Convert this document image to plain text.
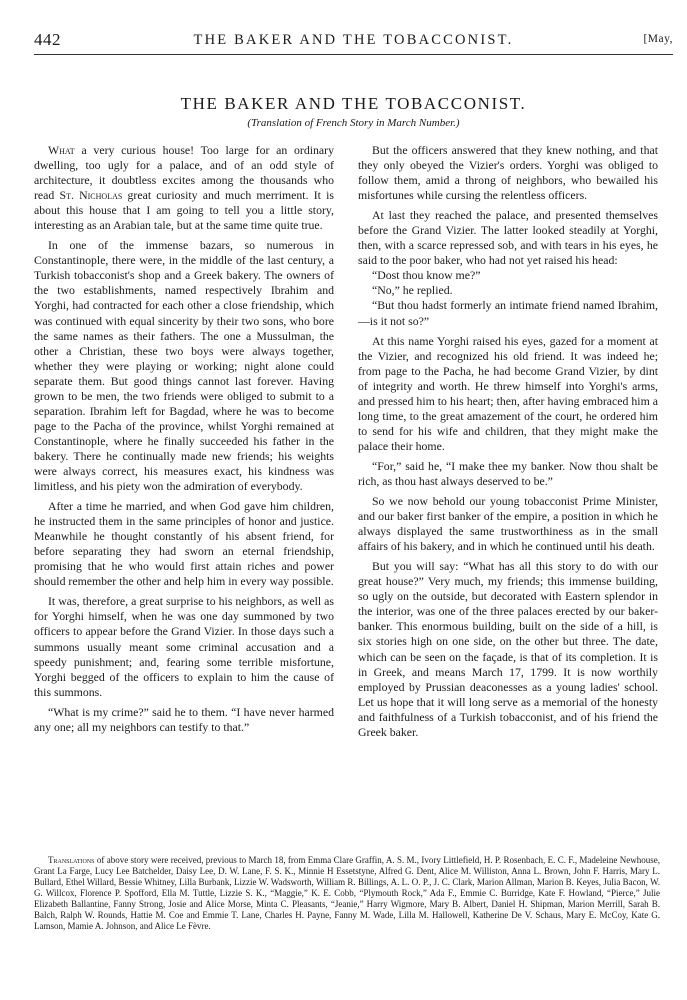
442	THE BAKER AND THE TOBACCONIST.	[May,
THE BAKER AND THE TOBACCONIST.
(Translation of French Story in March Number.)

What a very curious house! Too large for an ordinary dwelling, too ugly for a palace, and of an odd style of architecture, it doubtless excites among the thousands who read St. Nicholas great curiosity and much merriment. It is about this house that I am going to tell you a little story, interesting as an Arabian tale, but at the same time quite true.

In one of the immense bazars, so numerous in Constantinople, there were, in the middle of the last century, a Turkish tobacconist's shop and a Greek bakery. The owners of the two establishments, named respectively Ibrahim and Yorghi, had contracted for each other a close friendship, which was continued with equal sincerity by their two sons, who bore the same names as their fathers. The one a Mussulman, the other a Christian, these two boys were always together, whether they were playing or working; night alone could separate them. But good things cannot last forever. Having grown to be men, the two friends were obliged to submit to a separation. Ibrahim left for Bagdad, where he was to become page to the Pacha of the province, whilst Yorghi remained at Constantinople, where he finally succeeded his father in the bakery. There he continually made new friends; his weights were always correct, his measures exact, his kindness was limitless, and his piety won the admiration of everybody.

After a time he married, and when God gave him children, he instructed them in the same principles of honor and justice. Meanwhile he thought constantly of his absent friend, for before separating they had sworn an eternal friendship, promising that he who would first attain riches and power should remember the other and help him in every way possible.

It was, therefore, a great surprise to his neighbors, as well as for Yorghi himself, when he was one day summoned by two officers to appear before the Grand Vizier. In those days such a summons usually meant some criminal accusation and a speedy punishment; and, fearing some terrible misfortune, Yorghi begged of the officers to explain to him the cause of this summons.

“What is my crime?” said he to them. “I have never harmed any one; all my neighbors can testify to that.”

But the officers answered that they knew nothing, and that they only obeyed the Vizier's orders. Yorghi was obliged to follow them, amid a throng of neighbors, who bewailed his misfortunes while cursing the relentless officers.

At last they reached the palace, and presented themselves before the Grand Vizier. The latter looked steadily at Yorghi, then, with a scarce repressed sob, and with tears in his eyes, he said to the poor baker, who had not yet raised his head:

“Dost thou know me?”

“No,” he replied.

“But thou hadst formerly an intimate friend named Ibrahim,—is it not so?”

At this name Yorghi raised his eyes, gazed for a moment at the Vizier, and recognized his old friend. It was indeed he; from page to the Pacha, he had become Grand Vizier, by dint of integrity and worth. He threw himself into Yorghi's arms, and pressed him to his heart; then, after having embraced him a long time, to the great amazement of the court, he ordered him to send for his wife and children, that they might make the palace their home.

“For,” said he, “I make thee my banker. Now thou shalt be rich, as thou hast always deserved to be.”

So we now behold our young tobacconist Prime Minister, and our baker first banker of the empire, a position in which he always displayed the same trustworthiness as in the small affairs of his bakery, and in which he continued until his death.

But you will say: “What has all this story to do with our great house?” Very much, my friends; this immense building, so ugly on the outside, but decorated with Eastern splendor in the interior, was one of the three palaces erected by our baker-banker. This enormous building, built on the side of a hill, is six stories high on one side, on the other but three. The date, which can be seen on the façade, is that of its completion. It is in Greek, and means March 17, 1799. It is now worthily employed by Prussian deaconesses as a young ladies' school. Let us hope that it will long serve as a memorial of the honesty and faithfulness of a Turkish tobacconist, and of his friend the Greek baker.

Translations of above story were received, previous to March 18, from Emma Clare Graffin, A. S. M., Ivory Littlefield, H. P. Rosenbach, E. C. F., Madeleine Newhouse, Grant La Farge, Lucy Lee Batchelder, Daisy Lee, D. W. Lane, F. S. K., Minnie H Essetstyne, Alfred G. Dent, Alice M. Williston, Anna L. Brown, John F. Harris, Mary L. Bullard, Ethel Willard, Bessie Whitney, Lilla Burbank, Lizzie W. Wadsworth, William R. Billings, A. L. O. P., J. C. Clark, Marion Allman, Marion B. Keyes, Julia Bacon, W. G. Willcox, Florence P. Spofford, Ella M. Tuttle, Lizzie S. K., “Maggie,” K. E. Cobb, “Plymouth Rock,” Ada F., Emmie C. Burridge, Kate F. Howland, “Pierce,” Julie Elizabeth Ballantine, Fanny Strong, Josie and Alice Morse, Minta C. Pleasants, “Jeanie,” Harry Wigmore, Mary B. Albert, Daniel H. Shipman, Marion Merrill, Sarah B. Balch, Ralph W. Rounds, Hattie M. Coe and Emmie T. Lane, Charles H. Payne, Fanny M. Wade, Lilla M. Hallowell, Katherine De V. Schaus, Mary E. McCoy, Kate G. Lamson, Mamie A. Johnson, and Alice Le Fèvre.
